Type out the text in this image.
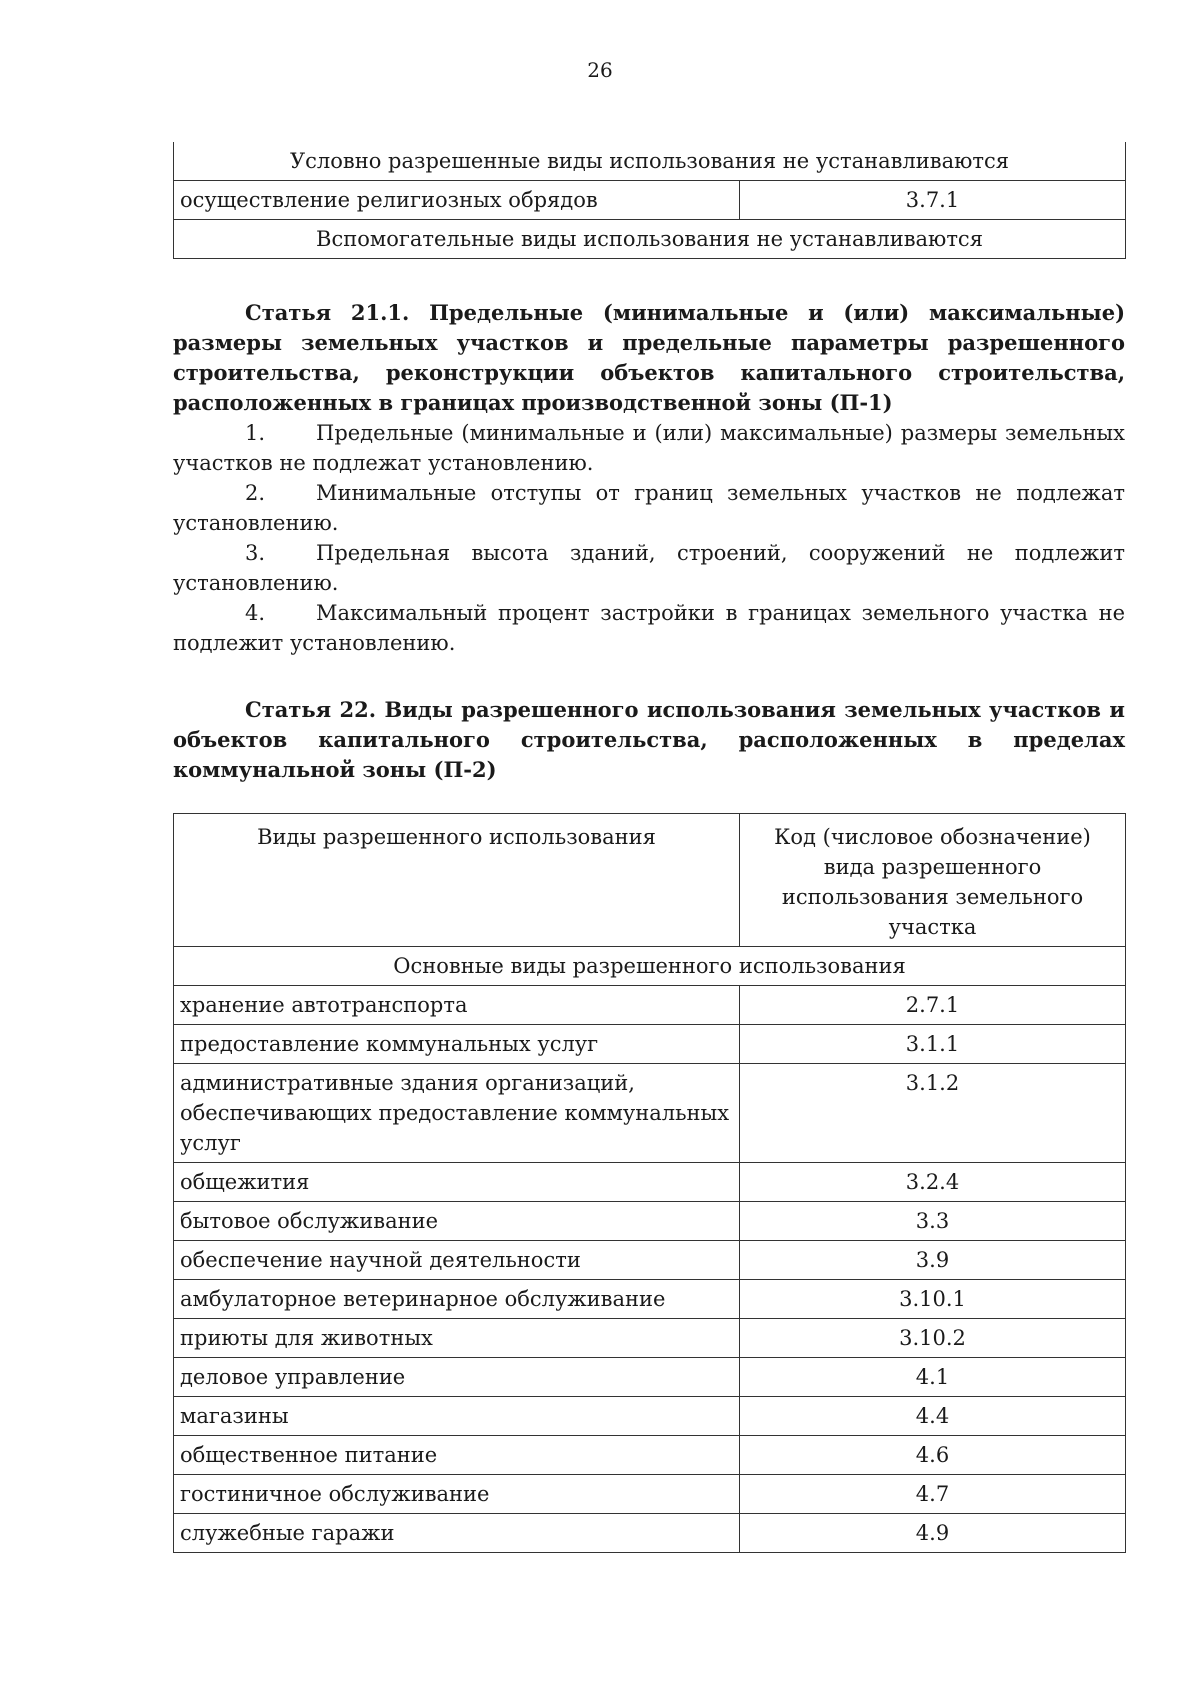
26
Условно разрешенные виды использования не устанавливаются
осуществление религиозных обрядов	3.7.1
Вспомогательные виды использования не устанавливаются

Статья 21.1. Предельные (минимальные и (или) максимальные) размеры земельных участков и предельные параметры разрешенного строительства, реконструкции объектов капитального строительства, расположенных в границах производственной зоны (П-1)

1. Предельные (минимальные и (или) максимальные) размеры земельных участков не подлежат установлению.

2. Минимальные отступы от границ земельных участков не подлежат установлению.

3. Предельная высота зданий, строений, сооружений не подлежит установлению.

4. Максимальный процент застройки в границах земельного участка не подлежит установлению.

Статья 22. Виды разрешенного использования земельных участков и объектов капитального строительства, расположенных в пределах коммунальной зоны (П-2)

Виды разрешенного использования	Код (числовое обозначение) вида разрешенного использования земельного участка
Основные виды разрешенного использования	
хранение автотранспорта	2.7.1
предоставление коммунальных услуг	3.1.1
административные здания организаций, обеспечивающих предоставление коммунальных услуг	3.1.2
общежития	3.2.4
бытовое обслуживание	3.3
обеспечение научной деятельности	3.9
амбулаторное ветеринарное обслуживание	3.10.1
приюты для животных	3.10.2
деловое управление	4.1
магазины	4.4
общественное питание	4.6
гостиничное обслуживание	4.7
служебные гаражи	4.9
